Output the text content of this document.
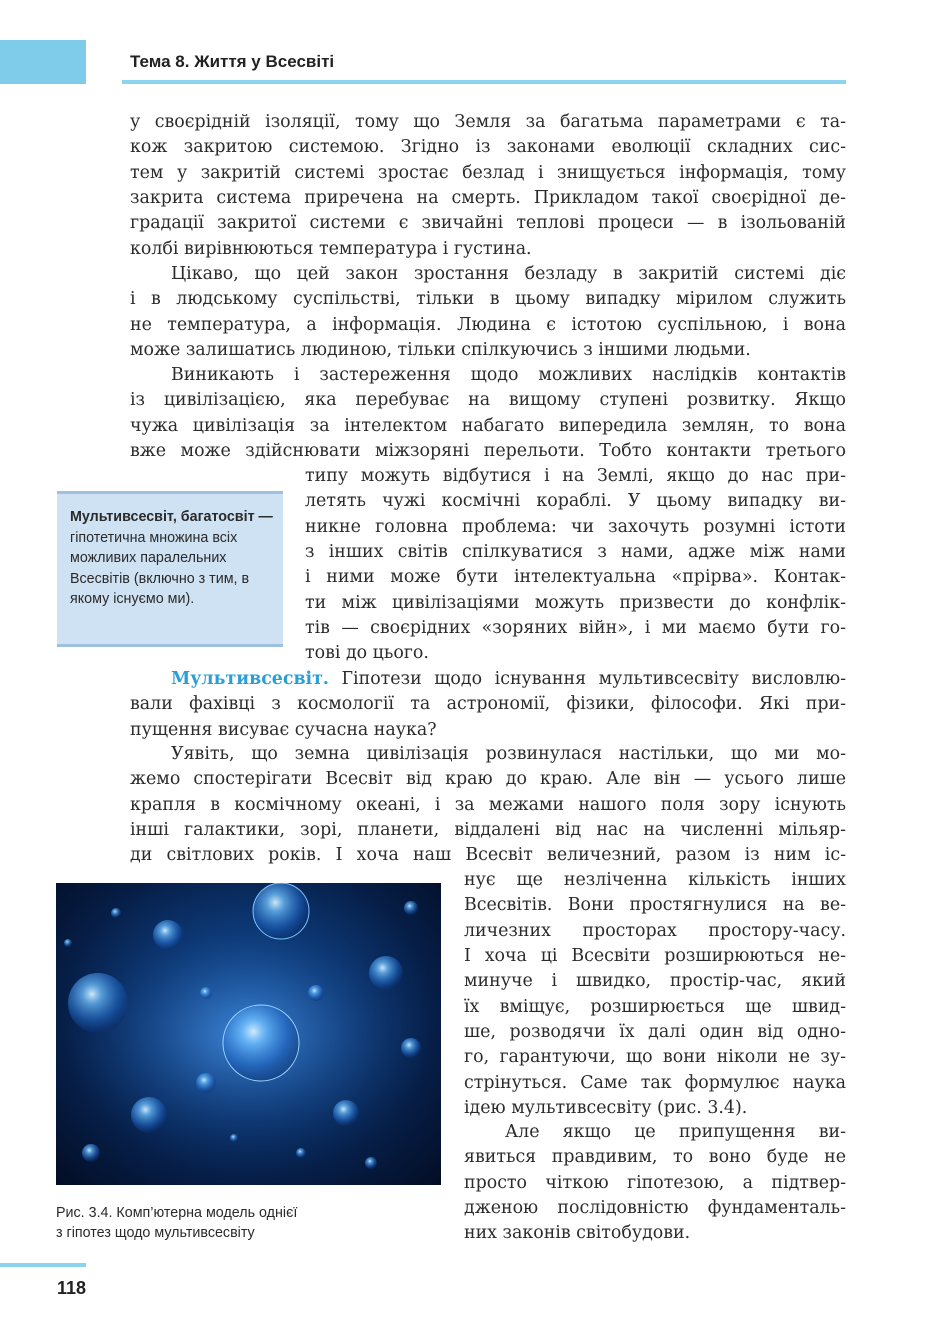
Тема 8. Життя у Всесвіті
у своєрідній ізоляції, тому що Земля за багатьма параметрами є та-
кож закритою системою. Згідно із законами еволюції складних сис-
тем у закритій системі зростає безлад і знищується інформація, тому
закрита система приречена на смерть. Прикладом такої своєрідної де-
градації закритої системи є звичайні теплові процеси — в ізольованій
колбі вирівнюються температура і густина.
Цікаво, що цей закон зростання безладу в закритій системі діє
і в людському суспільстві, тільки в цьому випадку мірилом служить
не температура, а інформація. Людина є істотою суспільною, і вона
може залишатись людиною, тільки спілкуючись з іншими людьми.
Виникають і застереження щодо можливих наслідків контактів
із цивілізацією, яка перебуває на вищому ступені розвитку. Якщо
чужа цивілізація за інтелектом набагато випередила землян, то вона
вже може здійснювати міжзоряні перельоти. Тобто контакти третього
типу можуть відбутися і на Землі, якщо до нас при-
летять чужі космічні кораблі. У цьому випадку ви-
никне головна проблема: чи захочуть розумні істоти
з інших світів спілкуватися з нами, адже між нами
і ними може бути інтелектуальна «прірва». Контак-
ти між цивілізаціями можуть призвести до конфлік-
тів — своєрідних «зоряних війн», і ми маємо бути го-
тові до цього.
Мультивсесвіт, багатосвіт —
гіпотетична множина всіх можливих паралельних Всесвітів (включно з тим, в якому існуємо ми).
Мультивсесвіт. Гіпотези щодо існування мультивсесвіту висловлю-
вали фахівці з космології та астрономії, фізики, філософи. Які при-
пущення висуває сучасна наука?
Уявіть, що земна цивілізація розвинулася настільки, що ми мо-
жемо спостерігати Всесвіт від краю до краю. Але він — усього лише
крапля в космічному океані, і за межами нашого поля зору існують
інші галактики, зорі, планети, віддалені від нас на численні мільяр-
ди світлових років. І хоча наш Всесвіт величезний, разом із ним іс-
нує ще незліченна кількість інших
Всесвітів. Вони простягнулися на ве-
личезних просторах простору-часу.
І хоча ці Всесвіти розширюються не-
минуче і швидко, простір-час, який
їх вміщує, розширюється ще швид-
ше, розводячи їх далі один від одно-
го, гарантуючи, що вони ніколи не зу-
стрінуться. Саме так формулює наука
ідею мультивсесвіту (рис. 3.4).
Але якщо це припущення ви-
явиться правдивим, то воно буде не
просто чіткою гіпотезою, а підтвер-
дженою послідовністю фундаменталь-
них законів світобудови.
Рис. 3.4. Комп’ютерна модель однієї
з гіпотез щодо мультивсесвіту
118
